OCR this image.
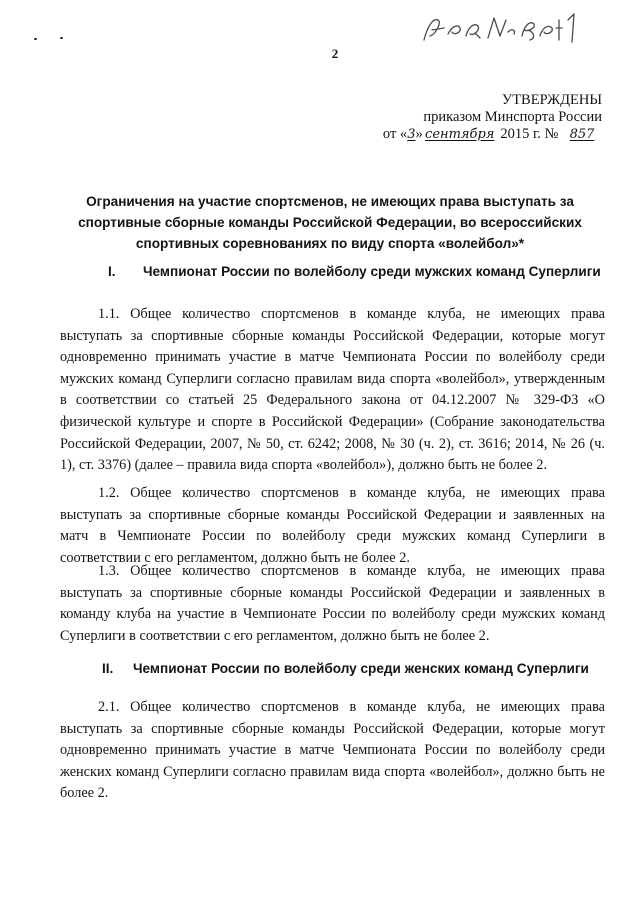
2
УТВЕРЖДЕНЫ
приказом Минспорта России
от «3» сентября 2015 г. № 857
Ограничения на участие спортсменов, не имеющих права выступать за спортивные сборные команды Российской Федерации, во всероссийских спортивных соревнованиях по виду спорта «волейбол»*
I. Чемпионат России по волейболу среди мужских команд Суперлиги
1.1. Общее количество спортсменов в команде клуба, не имеющих права выступать за спортивные сборные команды Российской Федерации, которые могут одновременно принимать участие в матче Чемпионата России по волейболу среди мужских команд Суперлиги согласно правилам вида спорта «волейбол», утвержденным в соответствии со статьей 25 Федерального закона от 04.12.2007 № 329-ФЗ «О физической культуре и спорте в Российской Федерации» (Собрание законодательства Российской Федерации, 2007, № 50, ст. 6242; 2008, № 30 (ч. 2), ст. 3616; 2014, № 26 (ч. 1), ст. 3376) (далее – правила вида спорта «волейбол»), должно быть не более 2.
1.2. Общее количество спортсменов в команде клуба, не имеющих права выступать за спортивные сборные команды Российской Федерации и заявленных на матч в Чемпионате России по волейболу среди мужских команд Суперлиги в соответствии с его регламентом, должно быть не более 2.
1.3. Общее количество спортсменов в команде клуба, не имеющих права выступать за спортивные сборные команды Российской Федерации и заявленных в команду клуба на участие в Чемпионате России по волейболу среди мужских команд Суперлиги в соответствии с его регламентом, должно быть не более 2.
II. Чемпионат России по волейболу среди женских команд Суперлиги
2.1. Общее количество спортсменов в команде клуба, не имеющих права выступать за спортивные сборные команды Российской Федерации, которые могут одновременно принимать участие в матче Чемпионата России по волейболу среди женских команд Суперлиги согласно правилам вида спорта «волейбол», должно быть не более 2.
